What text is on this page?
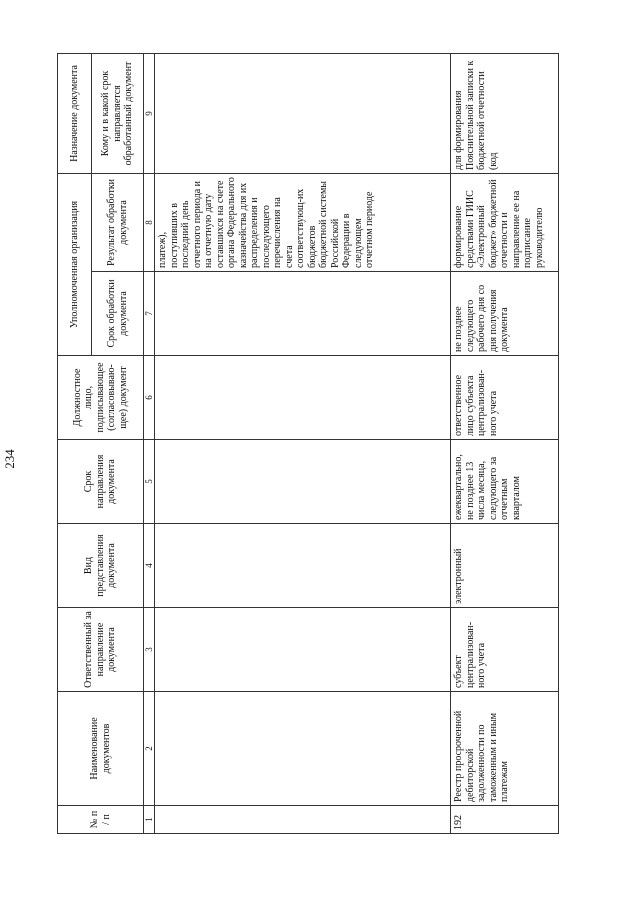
234
№ п / п	Наименование документов	Ответственный за направление документа	Вид представления документа	Срок направления документа	Должностное лицо, подписывающее (согласовываю-щее) документ	Уполномоченная организация		Назначение документа
						Срок обработки документа	Результат обработки документа	Кому и в какой срок направляется обработанный документ
1	2	3	4	5	6	7	8	9
							платеж), поступивших в последний день отчетного периода и на отчетную дату оставшихся на счете органа Федерального казначейства для их распределения и последующего перечисления на счета соответствующ-их бюджетов бюджетной системы Российской Федерации в следующем отчетном периоде	
192	Реестр просроченной дебиторской задолженности по таможенным и иным платежам	субъект централизован-ного учета	электронный	ежеквартально, не позднее 13 числа месяца, следующего за отчетным кварталом	ответственное лицо субъекта централизован-ного учета	не позднее следующего рабочего дня со дня получения документа	формирование средствами ГИИС «Электронный бюджет» бюджетной отчетности и направление ее на подписание руководителю	для формирования Пояснительной записки к бюджетной отчетности (код
